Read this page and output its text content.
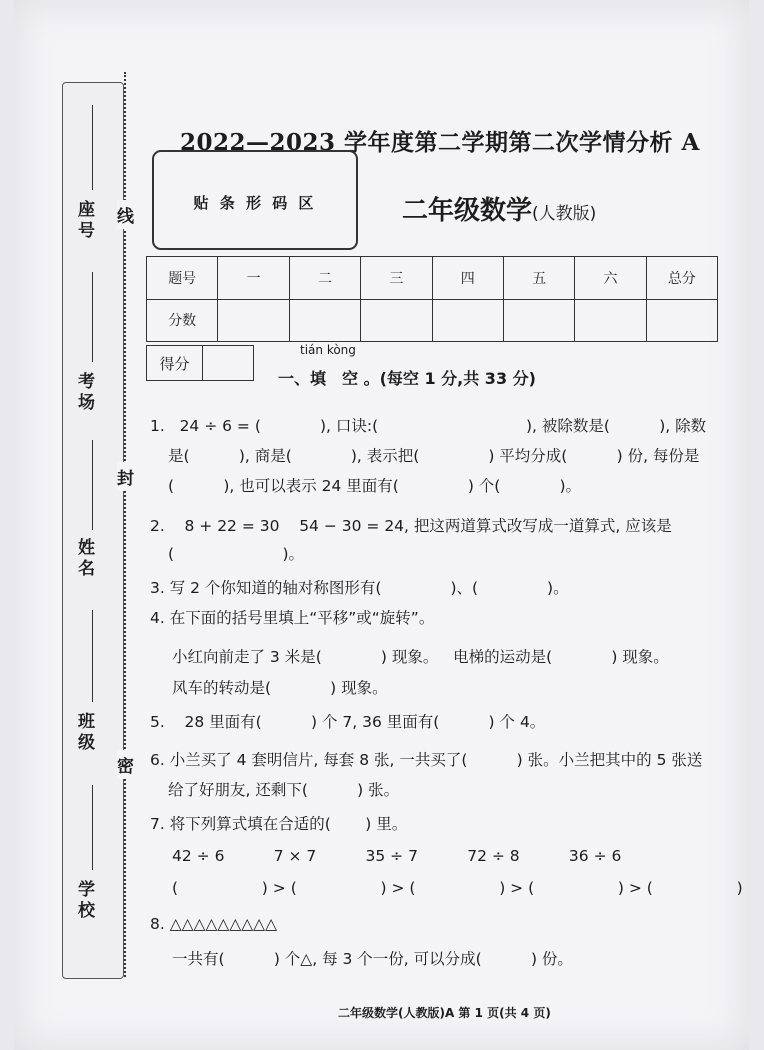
座号
考场
姓名
班级
学校
线
封
密
2022—2023 学年度第二学期第二次学情分析 A
贴 条 形 码 区	二年级数学(人教版)
题号	一	二	三	四	五	六	总分
分数							
得分
tián kòng
一、填　空 。(每空 1 分,共 33 分)
1.   24 ÷ 6 = (            ), 口诀:(                              ), 被除数是(          ), 除数
是(          ), 商是(            ), 表示把(              ) 平均分成(          ) 份, 每份是
(          ), 也可以表示 24 里面有(              ) 个(            )。
2.    8 + 22 = 30    54 − 30 = 24, 把这两道算式改写成一道算式, 应该是
(                      )。
3. 写 2 个你知道的轴对称图形有(              )、(              )。
4. 在下面的括号里填上“平移”或“旋转”。
小红向前走了 3 米是(            ) 现象。   电梯的运动是(            ) 现象。
风车的转动是(            ) 现象。
5.    28 里面有(          ) 个 7, 36 里面有(          ) 个 4。
6. 小兰买了 4 套明信片, 每套 8 张, 一共买了(          ) 张。小兰把其中的 5 张送
给了好朋友, 还剩下(          ) 张。
7. 将下列算式填在合适的(       ) 里。
42 ÷ 6          7 × 7          35 ÷ 7          72 ÷ 8          36 ÷ 6
(                 ) > (                 ) > (                 ) > (                 ) > (                 )
8. △△△△△△△△△
一共有(          ) 个△, 每 3 个一份, 可以分成(          ) 份。
二年级数学(人教版)A 第 1 页(共 4 页)
